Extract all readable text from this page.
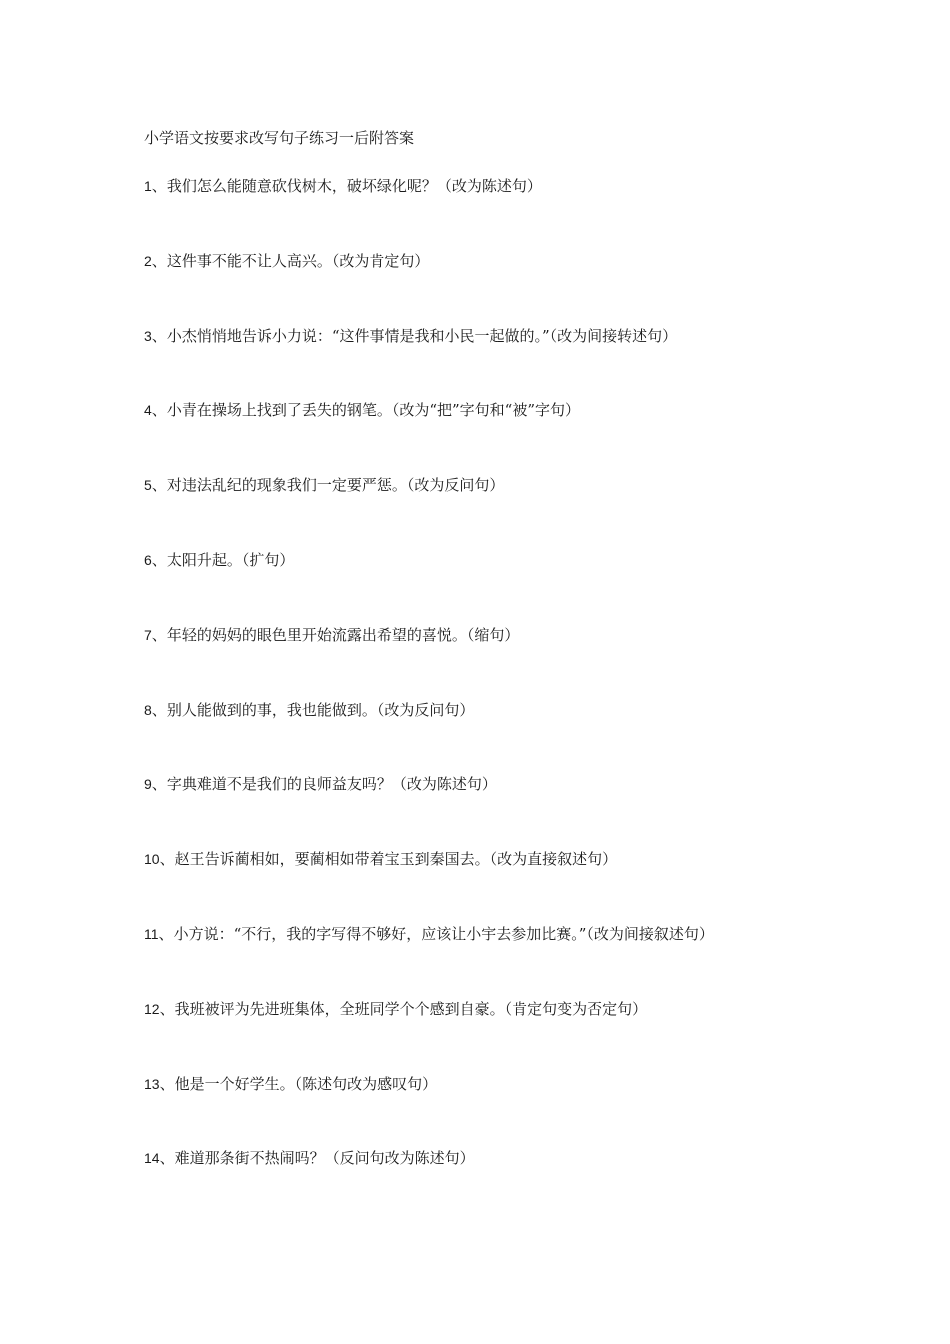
小学语文按要求改写句子练习一后附答案
1、我们怎么能随意砍伐树木，破坏绿化呢？（改为陈述句）
2、这件事不能不让人高兴。（改为肯定句）
3、小杰悄悄地告诉小力说：“这件事情是我和小民一起做的。”（改为间接转述句）
4、小青在操场上找到了丢失的钢笔。（改为“把”字句和“被”字句）
5、对违法乱纪的现象我们一定要严惩。（改为反问句）
6、太阳升起。（扩句）
7、年轻的妈妈的眼色里开始流露出希望的喜悦。（缩句）
8、别人能做到的事，我也能做到。（改为反问句）
9、字典难道不是我们的良师益友吗？（改为陈述句）
10、赵王告诉蔺相如，要蔺相如带着宝玉到秦国去。（改为直接叙述句）
11、小方说：“不行，我的字写得不够好，应该让小宇去参加比赛。”（改为间接叙述句）
12、我班被评为先进班集体，全班同学个个感到自豪。（肯定句变为否定句）
13、他是一个好学生。（陈述句改为感叹句）
14、难道那条街不热闹吗？（反问句改为陈述句）
